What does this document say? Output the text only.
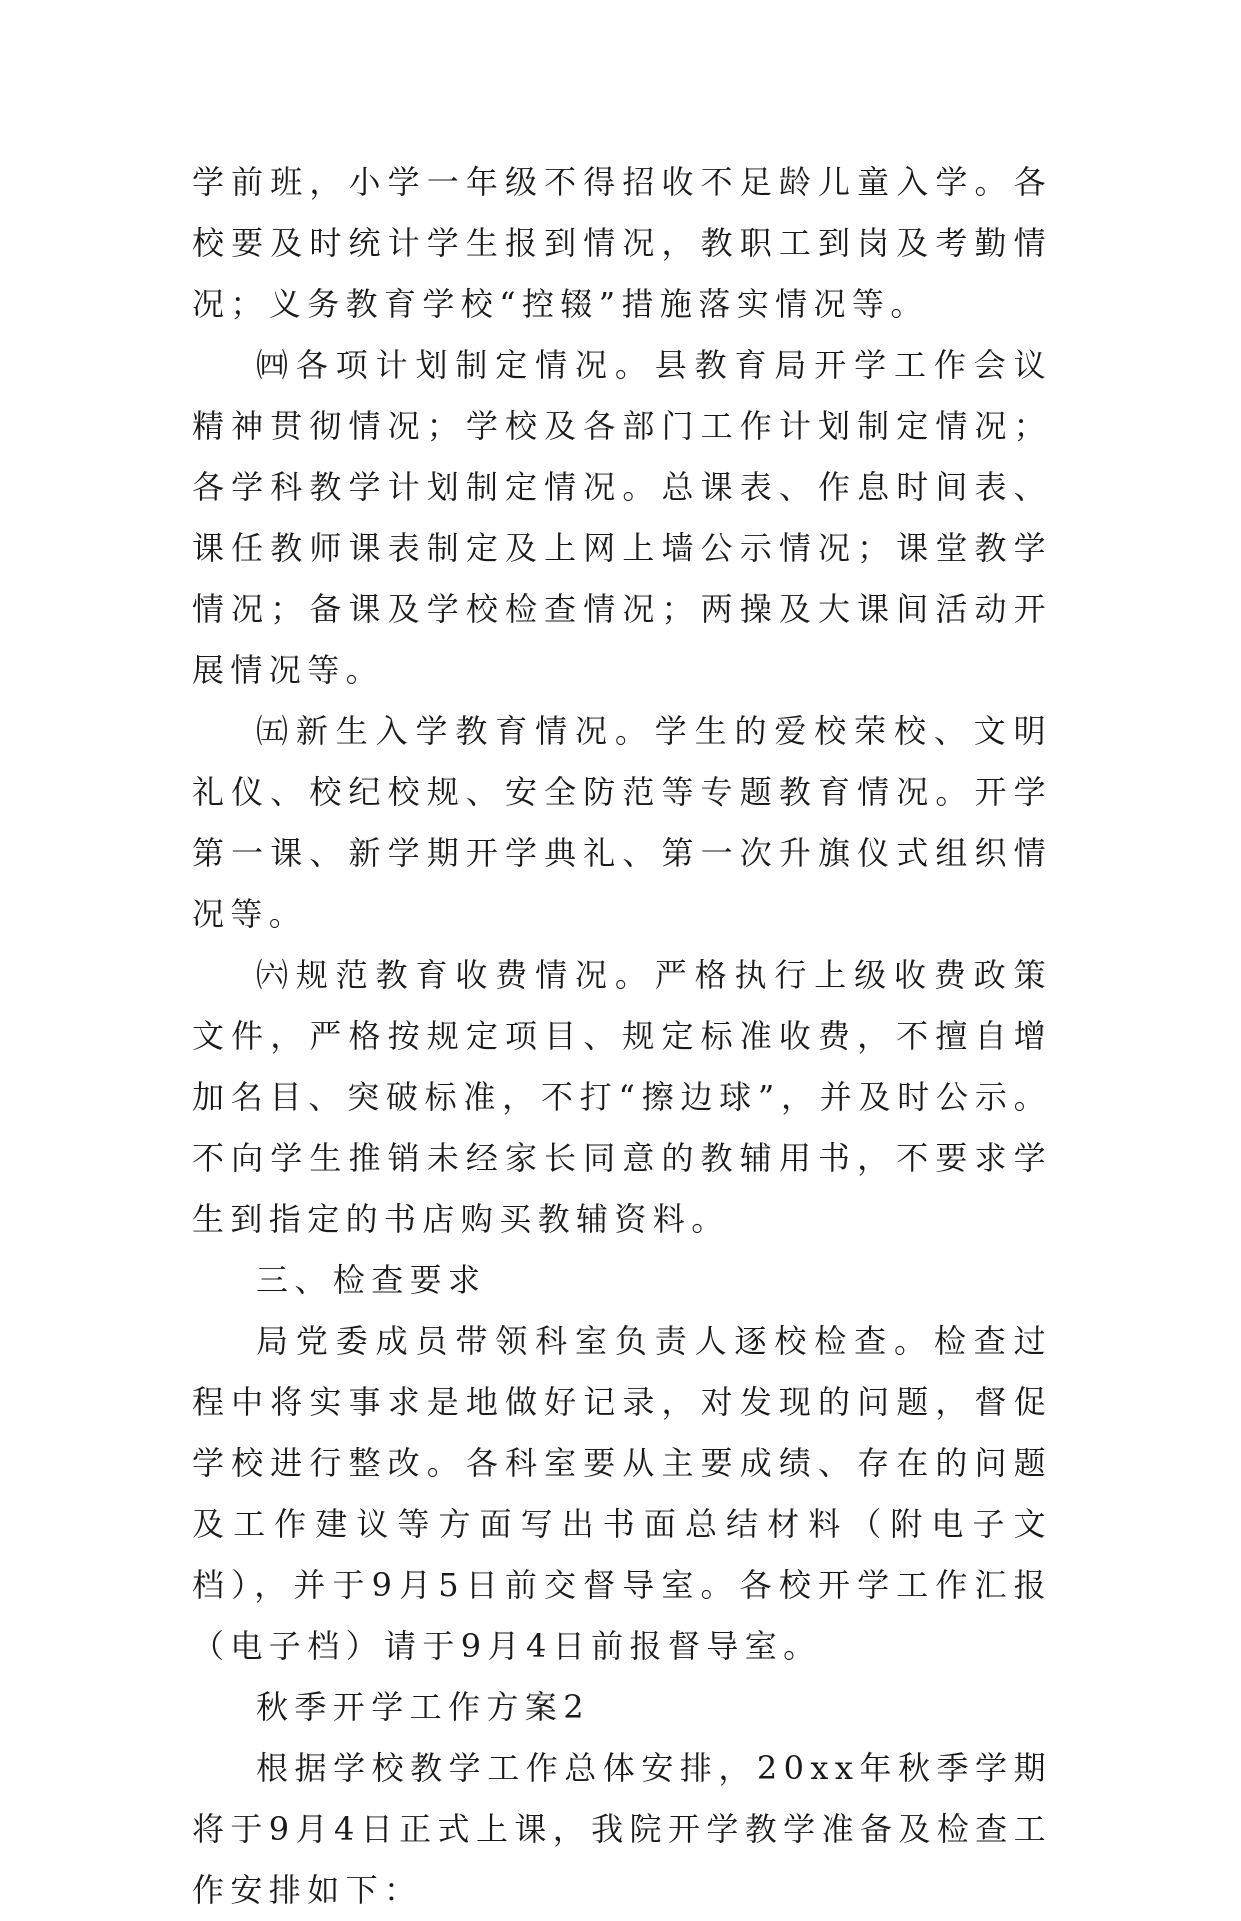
学前班，小学一年级不得招收不足龄儿童入学。各校要及时统计学生报到情况，教职工到岗及考勤情况；义务教育学校“控辍”措施落实情况等。

㈣各项计划制定情况。县教育局开学工作会议精神贯彻情况；学校及各部门工作计划制定情况；各学科教学计划制定情况。总课表、作息时间表、课任教师课表制定及上网上墙公示情况；课堂教学情况；备课及学校检查情况；两操及大课间活动开展情况等。

㈤新生入学教育情况。学生的爱校荣校、文明礼仪、校纪校规、安全防范等专题教育情况。开学第一课、新学期开学典礼、第一次升旗仪式组织情况等。

㈥规范教育收费情况。严格执行上级收费政策文件，严格按规定项目、规定标准收费，不擅自增加名目、突破标准，不打“擦边球”，并及时公示。不向学生推销未经家长同意的教辅用书，不要求学生到指定的书店购买教辅资料。

三、检查要求

局党委成员带领科室负责人逐校检查。检查过程中将实事求是地做好记录，对发现的问题，督促学校进行整改。各科室要从主要成绩、存在的问题及工作建议等方面写出书面总结材料（附电子文档），并于9月5日前交督导室。各校开学工作汇报（电子档）请于9月4日前报督导室。

秋季开学工作方案2

根据学校教学工作总体安排，20xx年秋季学期将于9月4日正式上课，我院开学教学准备及检查工作安排如下：
